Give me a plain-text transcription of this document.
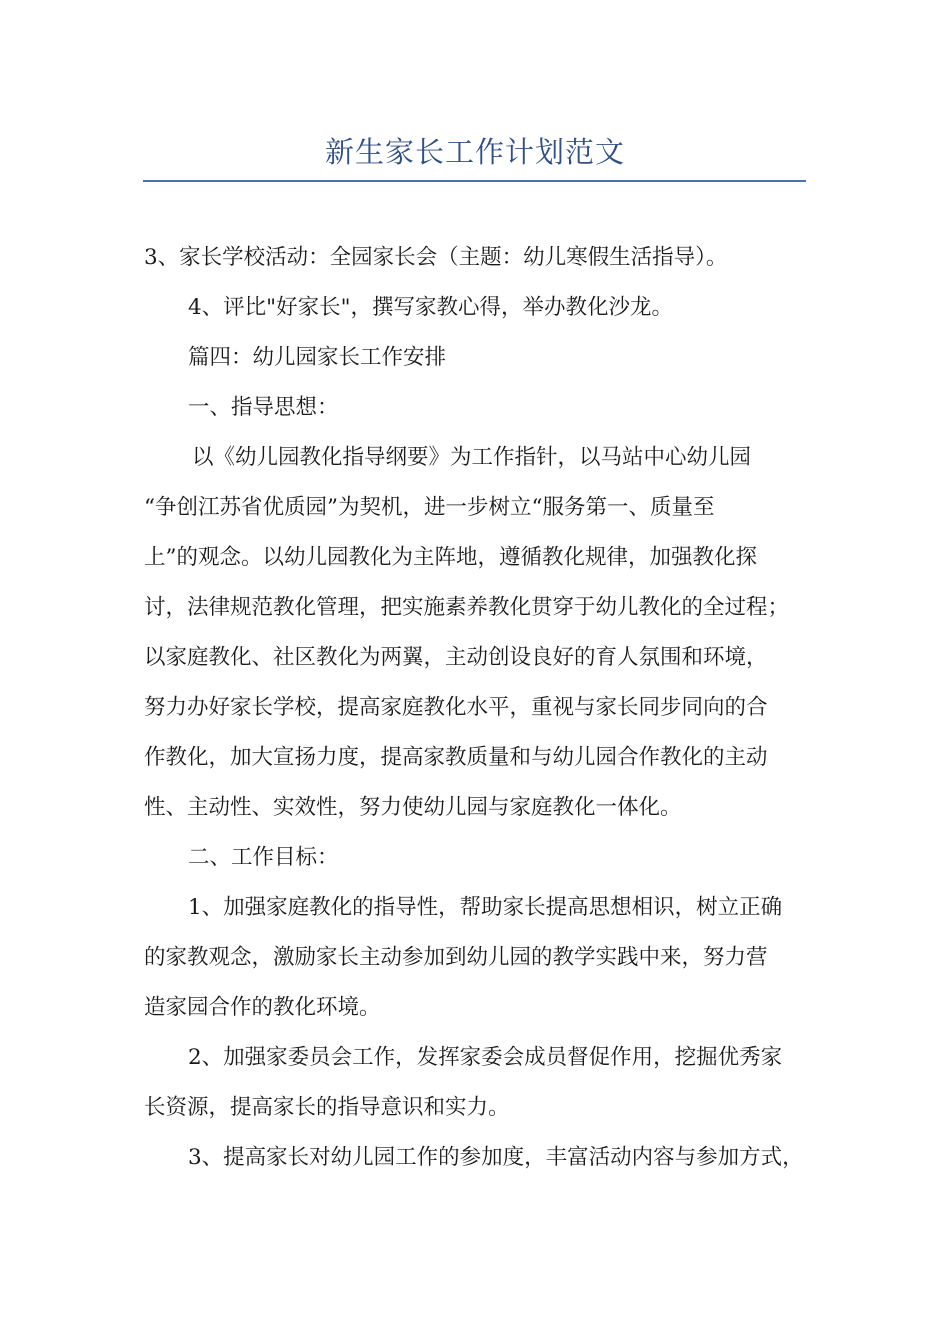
新生家长工作计划范文
3、家长学校活动：全园家长会（主题：幼儿寒假生活指导）。
4、评比"好家长"，撰写家教心得，举办教化沙龙。
篇四：幼儿园家长工作安排
一、指导思想：
以《幼儿园教化指导纲要》为工作指针，以马站中心幼儿园
“争创江苏省优质园”为契机，进一步树立“服务第一、质量至
上”的观念。以幼儿园教化为主阵地，遵循教化规律，加强教化探
讨，法律规范教化管理，把实施素养教化贯穿于幼儿教化的全过程；
以家庭教化、社区教化为两翼，主动创设良好的育人氛围和环境，
努力办好家长学校，提高家庭教化水平，重视与家长同步同向的合
作教化，加大宣扬力度，提高家教质量和与幼儿园合作教化的主动
性、主动性、实效性，努力使幼儿园与家庭教化一体化。
二、工作目标：
1、加强家庭教化的指导性，帮助家长提高思想相识，树立正确
的家教观念，激励家长主动参加到幼儿园的教学实践中来，努力营
造家园合作的教化环境。
2、加强家委员会工作，发挥家委会成员督促作用，挖掘优秀家
长资源，提高家长的指导意识和实力。
3、提高家长对幼儿园工作的参加度，丰富活动内容与参加方式，
